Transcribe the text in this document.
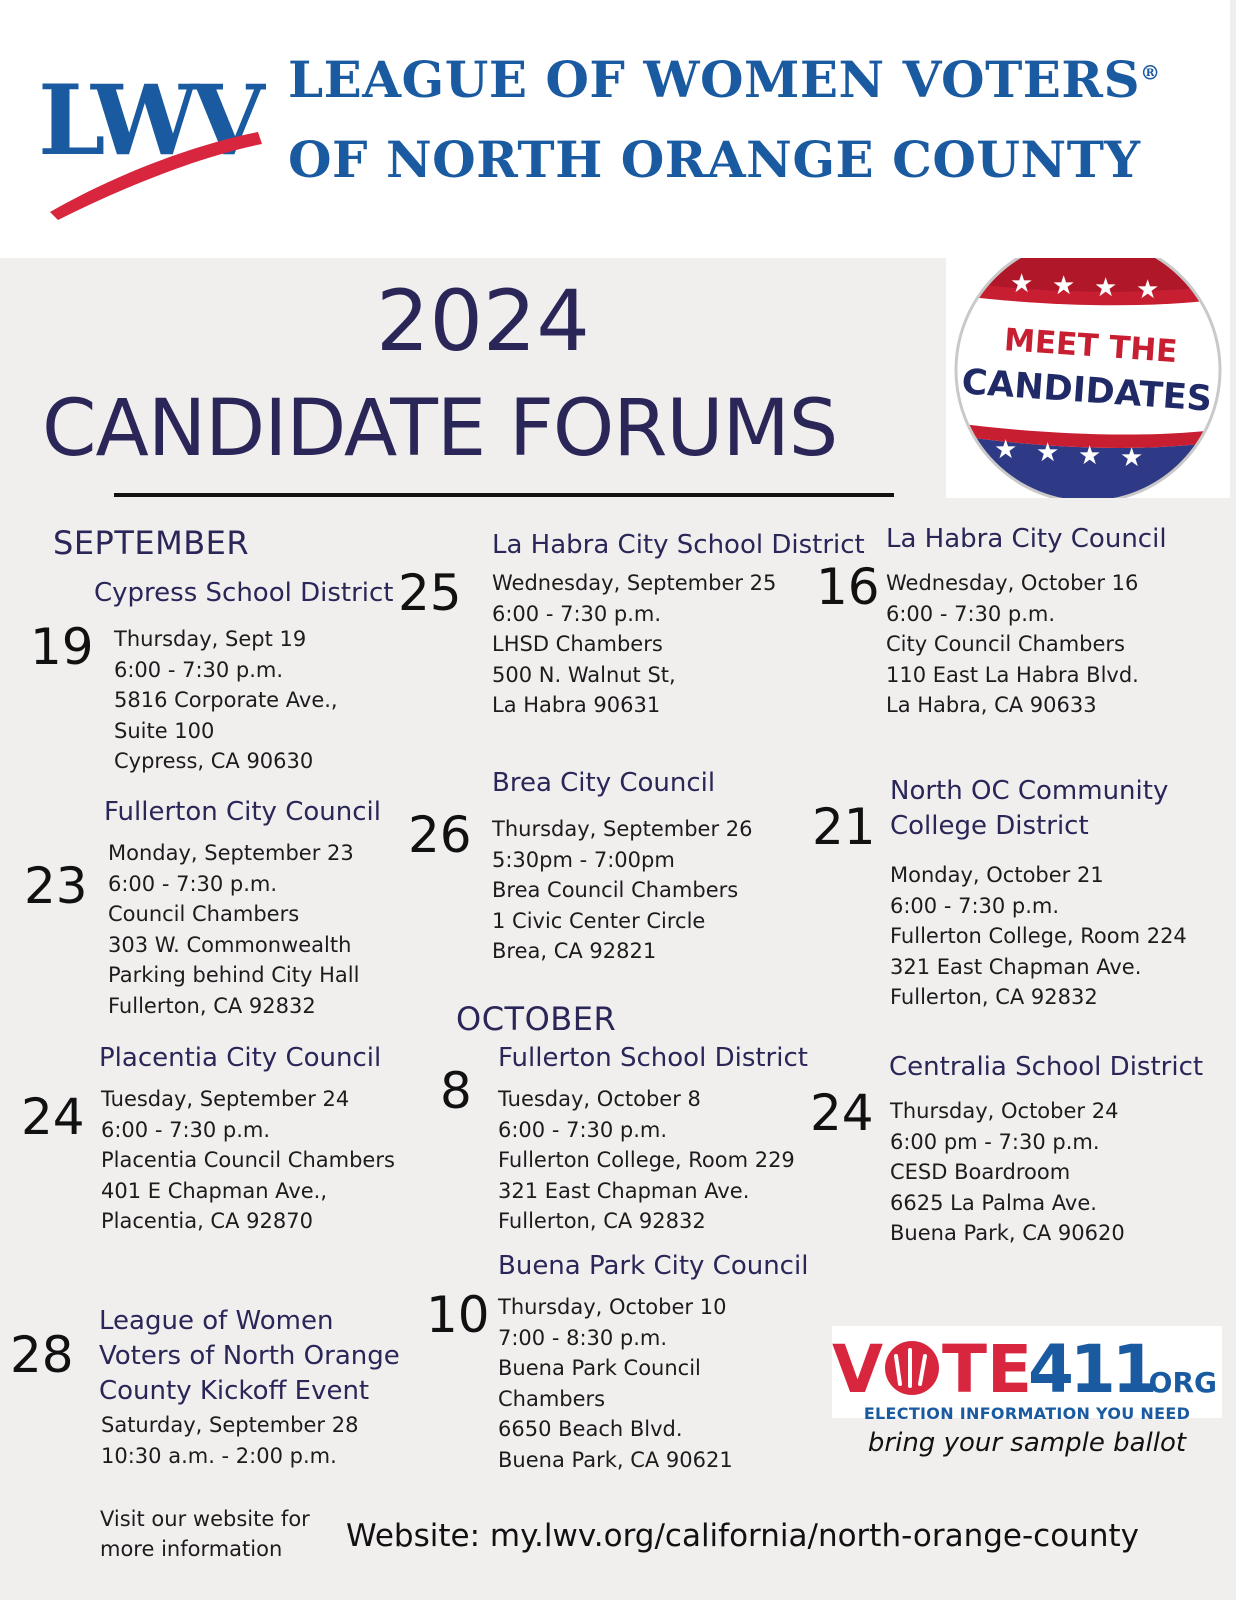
LWV LEAGUE OF WOMEN VOTERS®
OF NORTH ORANGE COUNTY
2024
CANDIDATE FORUMS
★ ★ ★ ★
★ ★ ★ ★
MEET THE
CANDIDATES
SEPTEMBER
OCTOBER
Cypress School District
19 Thursday, Sept 19
6:00 - 7:30 p.m.
5816 Corporate Ave.,
Suite 100
Cypress, CA 90630
Fullerton City Council
23
Monday, September 23
6:00 - 7:30 p.m.
Council Chambers
303 W. Commonwealth
Parking behind City Hall
Fullerton, CA 92832
Placentia City Council
24 Tuesday, September 24
6:00 - 7:30 p.m.
Placentia Council Chambers
401 E Chapman Ave.,
Placentia, CA 92870
League of Women
Voters of North Orange
County Kickoff Event
28
Saturday, September 28
10:30 a.m. - 2:00 p.m.
La Habra City School District
25 Wednesday, September 25
6:00 - 7:30 p.m.
LHSD Chambers
500 N. Walnut St,
La Habra 90631
Brea City Council
26 Thursday, September 26
5:30pm - 7:00pm
Brea Council Chambers
1 Civic Center Circle
Brea, CA 92821
Fullerton School District
8 Tuesday, October 8
6:00 - 7:30 p.m.
Fullerton College, Room 229
321 East Chapman Ave.
Fullerton, CA 92832
Buena Park City Council
10 Thursday, October 10
7:00 - 8:30 p.m.
Buena Park Council
Chambers
6650 Beach Blvd.
Buena Park, CA 90621
La Habra City Council
16 Wednesday, October 16
6:00 - 7:30 p.m.
City Council Chambers
110 East La Habra Blvd.
La Habra, CA 90633
North OC Community
College District
21
Monday, October 21
6:00 - 7:30 p.m.
Fullerton College, Room 224
321 East Chapman Ave.
Fullerton, CA 92832
Centralia School District
24 Thursday, October 24
6:00 pm - 7:30 p.m.
CESD Boardroom
6625 La Palma Ave.
Buena Park, CA 90620
V TE
411
.ORG
ELECTION INFORMATION YOU NEED
bring your sample ballot
Visit our website for
more information	Website: my.lwv.org/california/north-orange-county
